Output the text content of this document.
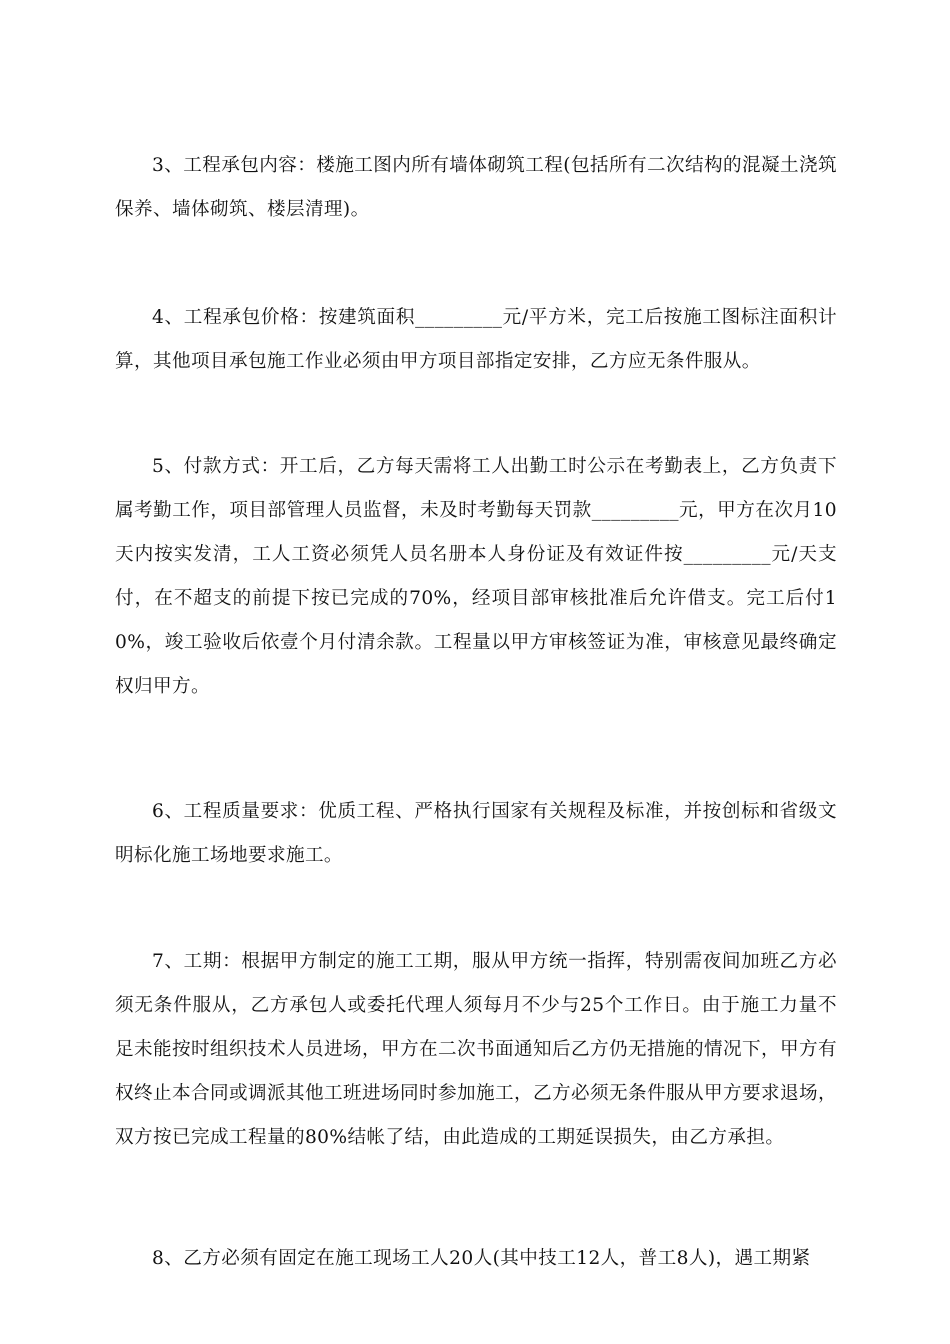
3、工程承包内容：楼施工图内所有墙体砌筑工程(包括所有二次结构的混凝土浇筑保养、墙体砌筑、楼层清理)。

4、工程承包价格：按建筑面积_________元/平方米，完工后按施工图标注面积计算，其他项目承包施工作业必须由甲方项目部指定安排，乙方应无条件服从。

5、付款方式：开工后，乙方每天需将工人出勤工时公示在考勤表上，乙方负责下属考勤工作，项目部管理人员监督，未及时考勤每天罚款_________元，甲方在次月10天内按实发清，工人工资必须凭人员名册本人身份证及有效证件按_________元/天支付，在不超支的前提下按已完成的70%，经项目部审核批准后允许借支。完工后付10%，竣工验收后依壹个月付清余款。工程量以甲方审核签证为准，审核意见最终确定权归甲方。

6、工程质量要求：优质工程、严格执行国家有关规程及标准，并按创标和省级文明标化施工场地要求施工。

7、工期：根据甲方制定的施工工期，服从甲方统一指挥，特别需夜间加班乙方必须无条件服从，乙方承包人或委托代理人须每月不少与25个工作日。由于施工力量不足未能按时组织技术人员进场，甲方在二次书面通知后乙方仍无措施的情况下，甲方有权终止本合同或调派其他工班进场同时参加施工，乙方必须无条件服从甲方要求退场，双方按已完成工程量的80%结帐了结，由此造成的工期延误损失，由乙方承担。

8、乙方必须有固定在施工现场工人20人(其中技工12人，普工8人)，遇工期紧
